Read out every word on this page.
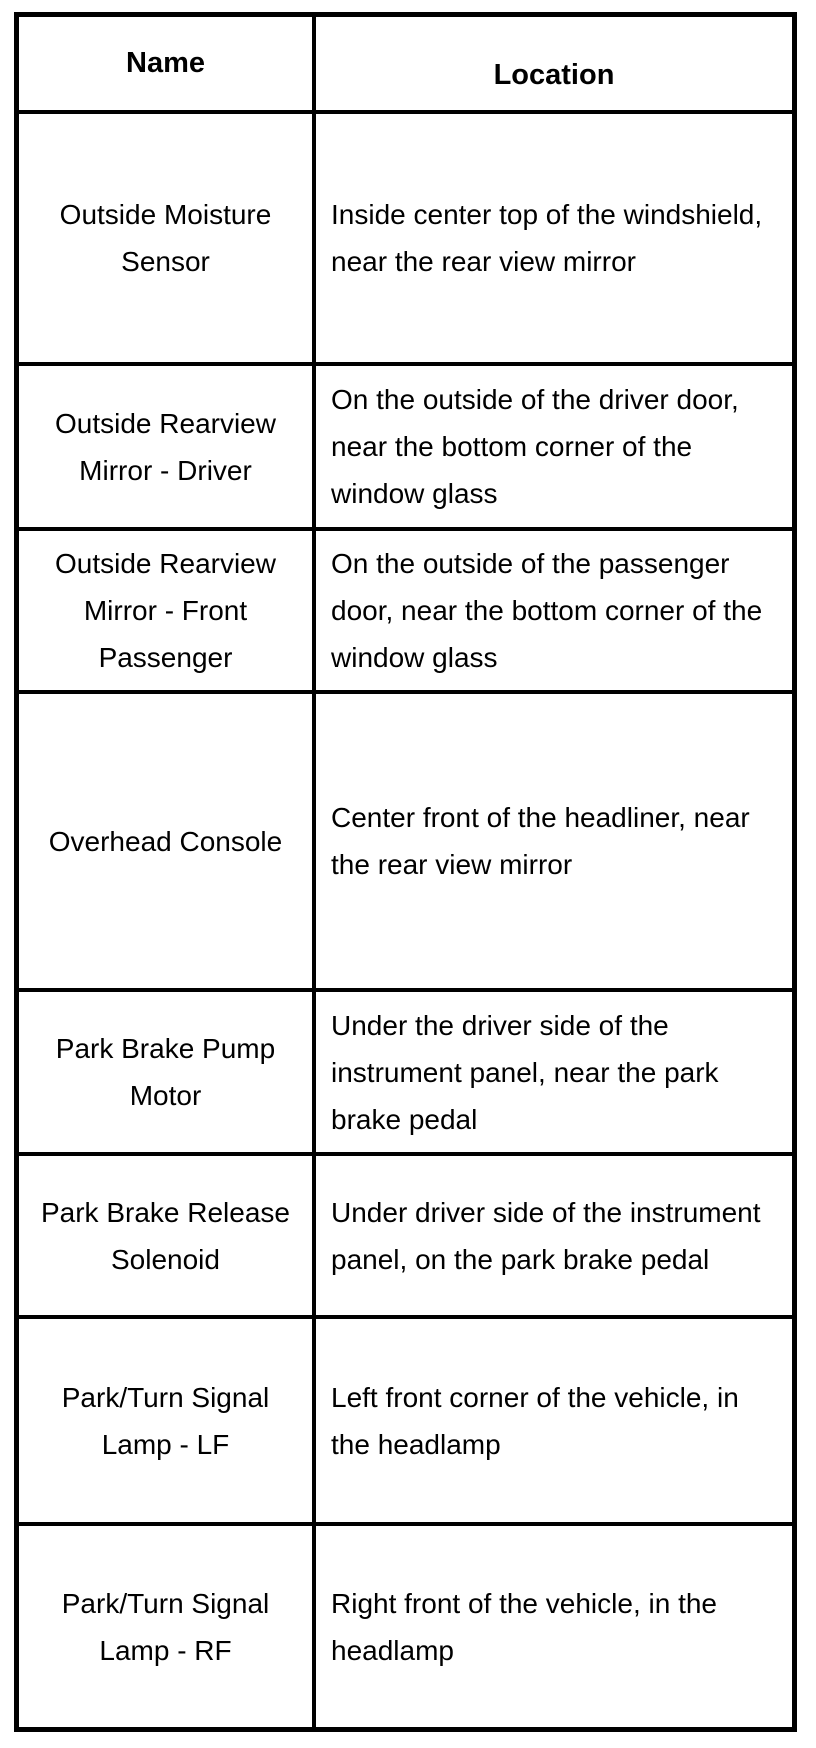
Name	Location
Outside Moisture Sensor
Inside center top of the windshield, near the rear view mirror
Outside Rearview Mirror - Driver
On the outside of the driver door, near the bottom corner of the window glass
Outside Rearview Mirror - Front Passenger
On the outside of the passenger door, near the bottom corner of the window glass
Overhead Console
Center front of the headliner, near the rear view mirror
Park Brake Pump Motor
Under the driver side of the instrument panel, near the park brake pedal
Park Brake Release Solenoid
Under driver side of the instrument panel, on the park brake pedal
Park/Turn Signal Lamp - LF
Left front corner of the vehicle, in the headlamp
Park/Turn Signal Lamp - RF
Right front of the vehicle, in the headlamp
